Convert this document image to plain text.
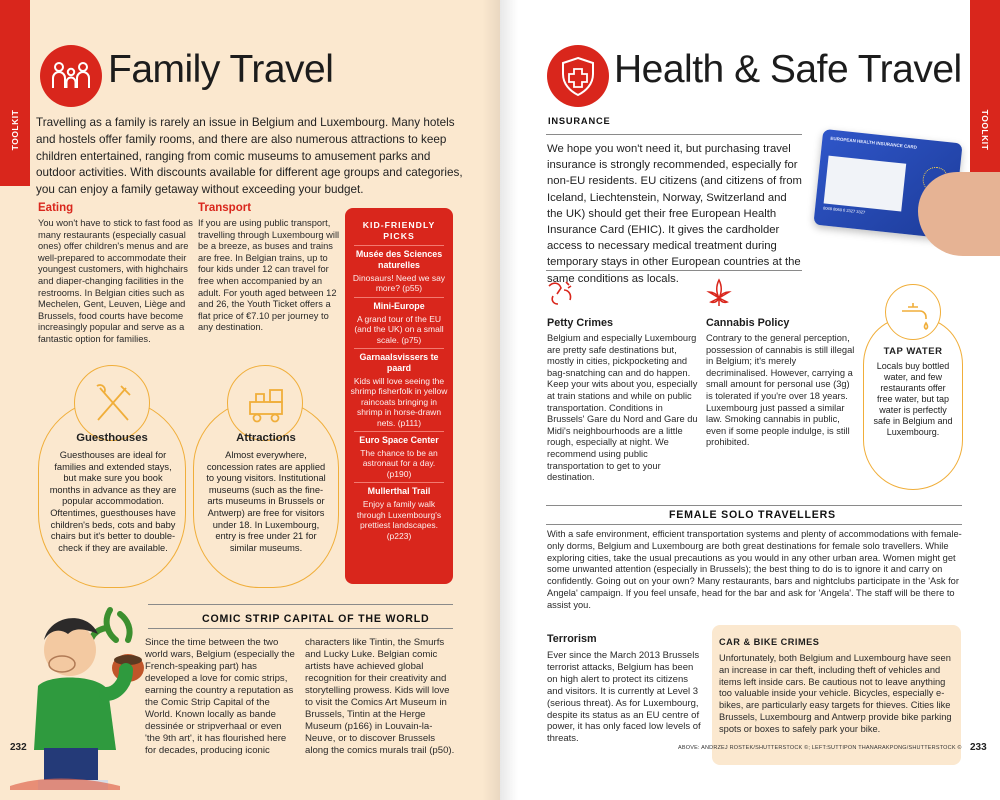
TOOLKIT
Family Travel
Travelling as a family is rarely an issue in Belgium and Luxembourg. Many hotels and hostels offer family rooms, and there are also numerous attractions to keep children entertained, ranging from comic museums to amusement parks and outdoor activities. With discounts available for different age groups and categories, you can enjoy a family getaway without exceeding your budget.
Eating
You won't have to stick to fast food as many restaurants (especially casual ones) offer children's menus and are well-prepared to accommodate their youngest customers, with highchairs and diaper-changing facilities in the restrooms. In Belgian cities such as Mechelen, Gent, Leuven, Liège and Brussels, food courts have become increasingly popular and serve as a fantastic option for families.
Transport
If you are using public transport, travelling through Luxembourg will be a breeze, as buses and trains are free. In Belgian trains, up to four kids under 12 can travel for free when accompanied by an adult. For youth aged between 12 and 26, the Youth Ticket offers a flat price of €7.10 per journey to any destination.
Guesthouses
Guesthouses are ideal for families and extended stays, but make sure you book months in advance as they are popular accommodation. Oftentimes, guesthouses have children's beds, cots and baby chairs but it's better to double-check if they are available.
Attractions
Almost everywhere, concession rates are applied to young visitors. Institutional museums (such as the fine-arts museums in Brussels or Antwerp) are free for visitors under 18. In Luxembourg, entry is free under 21 for similar museums.
KID-FRIENDLY PICKS
Musée des Sciences naturelles
Dinosaurs! Need we say more? (p55)
Mini-Europe
A grand tour of the EU (and the UK) on a small scale. (p75)
Garnaalsvissers te paard
Kids will love seeing the shrimp fisherfolk in yellow raincoats bringing in shrimp in horse-drawn nets. (p111)
Euro Space Center
The chance to be an astronaut for a day. (p190)
Mullerthal Trail
Enjoy a family walk through Luxembourg's prettiest landscapes. (p223)
COMIC STRIP CAPITAL OF THE WORLD
Since the time between the two world wars, Belgium (especially the French-speaking part) has developed a love for comic strips, earning the country a reputation as the Comic Strip Capital of the World. Known locally as bande dessinée or stripverhaal or even 'the 9th art', it has flourished here for decades, producing iconic
characters like Tintin, the Smurfs and Lucky Luke. Belgian comic artists have achieved global recognition for their creativity and storytelling prowess. Kids will love to visit the Comics Art Museum in Brussels, Tintin at the Herge Museum (p166) in Louvain-la-Neuve, or to discover Brussels along the comics murals trail (p50).
232
TOOLKIT
Health & Safe Travel
INSURANCE
We hope you won't need it, but purchasing travel insurance is strongly recommended, especially for non-EU residents. EU citizens (and citizens of from Iceland, Liechtenstein, Norway, Switzerland and the UK) should get their free European Health Insurance Card (EHIC). It gives the cardholder access to necessary medical treatment during temporary stays in other European countries at the same conditions as locals.
EUROPEAN HEALTH INSURANCE CARD
8048 8060 0 2327 3327
Petty Crimes
Belgium and especially Luxembourg are pretty safe destinations but, mostly in cities, pickpocketing and bag-snatching can and do happen. Keep your wits about you, especially at train stations and while on public transportation. Conditions in Brussels' Gare du Nord and Gare du Midi's neighbourhoods are a little rough, especially at night. We recommend using public transportation to get to your destination.
Cannabis Policy
Contrary to the general perception, possession of cannabis is still illegal in Belgium; it's merely decriminalised. However, carrying a small amount for personal use (3g) is tolerated if you're over 18 years. Luxembourg just passed a similar law. Smoking cannabis in public, even if some people indulge, is still prohibited.
TAP WATER
Locals buy bottled water, and few restaurants offer free water, but tap water is perfectly safe in Belgium and Luxembourg.
FEMALE SOLO TRAVELLERS
With a safe environment, efficient transportation systems and plenty of accommodations with female-only dorms, Belgium and Luxembourg are both great destinations for female solo travellers. While exploring cities, take the usual precautions as you would in any other urban area. Women might get some unwanted attention (especially in Brussels); the best thing to do is to ignore it and carry on confidently. Going out on your own? Many restaurants, bars and nightclubs participate in the 'Ask for Angela' campaign. If you feel unsafe, head for the bar and ask for 'Angela'. The staff will be there to assist you.
Terrorism
Ever since the March 2013 Brussels terrorist attacks, Belgium has been on high alert to protect its citizens and visitors. It is currently at Level 3 (serious threat). As for Luxembourg, despite its status as an EU centre of power, it has only faced low levels of threats.
CAR & BIKE CRIMES
Unfortunately, both Belgium and Luxembourg have seen an increase in car theft, including theft of vehicles and items left inside cars. Be cautious not to leave anything too valuable inside your vehicle. Bicycles, especially e-bikes, are particularly easy targets for thieves. Cities like Brussels, Luxembourg and Antwerp provide bike parking spots or boxes to safely park your bike.
ABOVE: ANDRZEJ ROSTEK/SHUTTERSTOCK ©; LEFT:SUTTIPON THANARAKPONG/SHUTTERSTOCK © 233
